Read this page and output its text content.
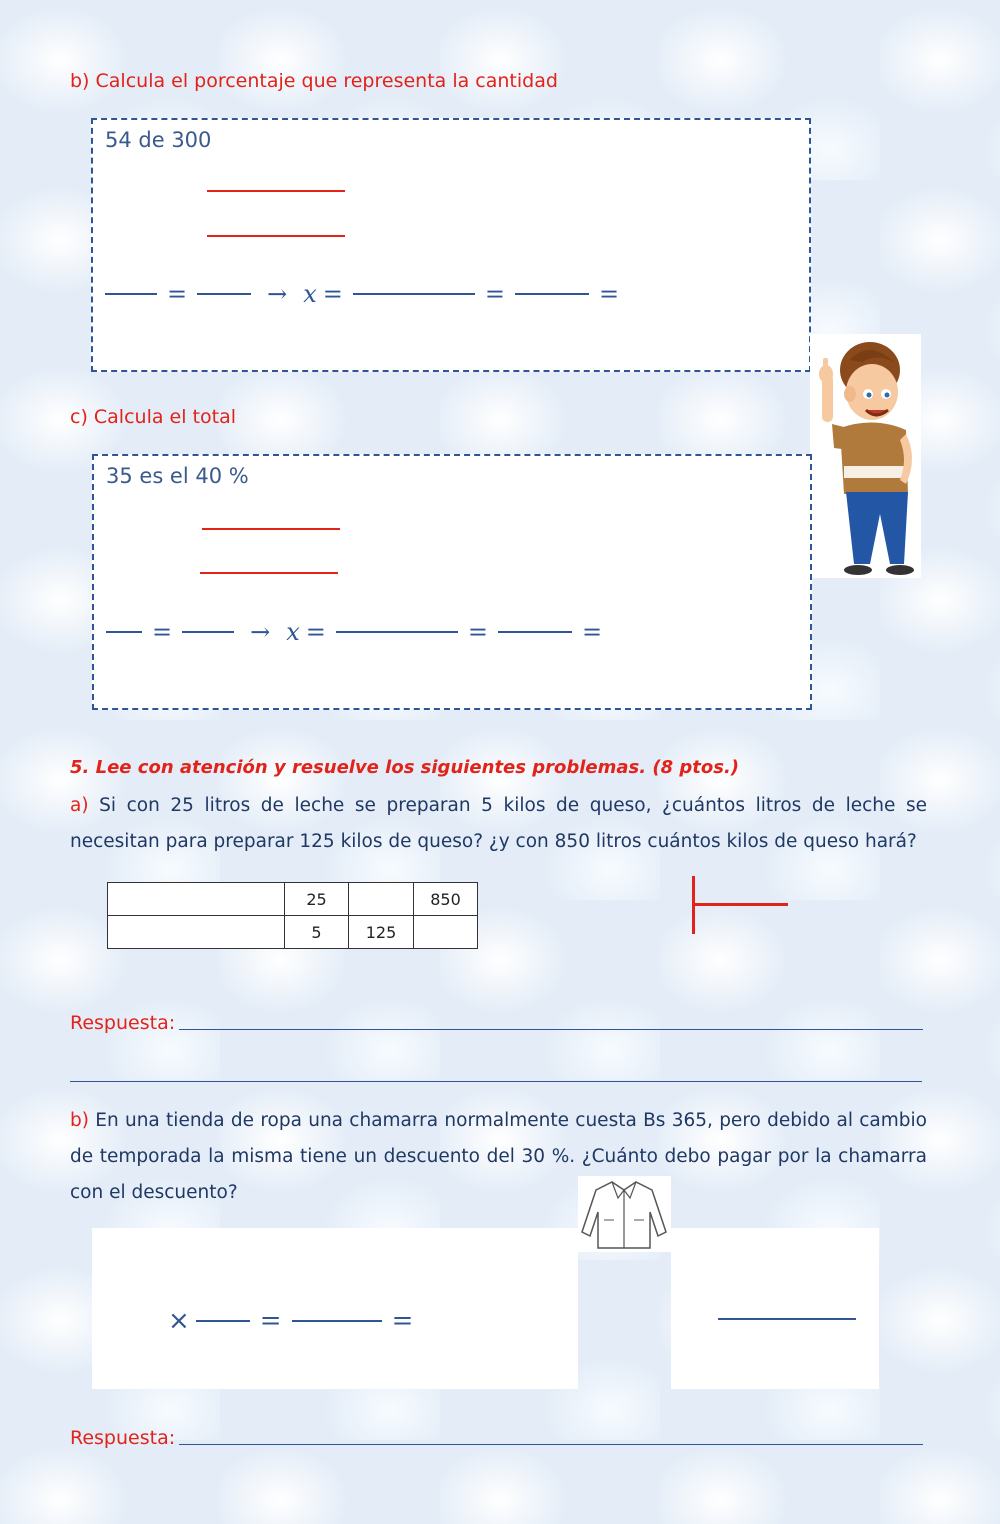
b) Calcula el porcentaje que representa la cantidad
54 de 300
=	→ x =	=	=
c) Calcula el total
35 es el 40 %
=	→ x =	=	=
5. Lee con atención y resuelve los siguientes problemas. (8 ptos.)
a) Si con 25 litros de leche se preparan 5 kilos de queso, ¿cuántos litros de leche se necesitan para preparar 125 kilos de queso? ¿y con 850 litros cuántos kilos de queso hará?
	25		850
	5	125	
Respuesta:
b) En una tienda de ropa una chamarra normalmente cuesta Bs 365, pero debido al cambio de temporada la misma tiene un descuento del 30 %. ¿Cuánto debo pagar por la chamarra con el descuento?
×	=	=
Respuesta:
